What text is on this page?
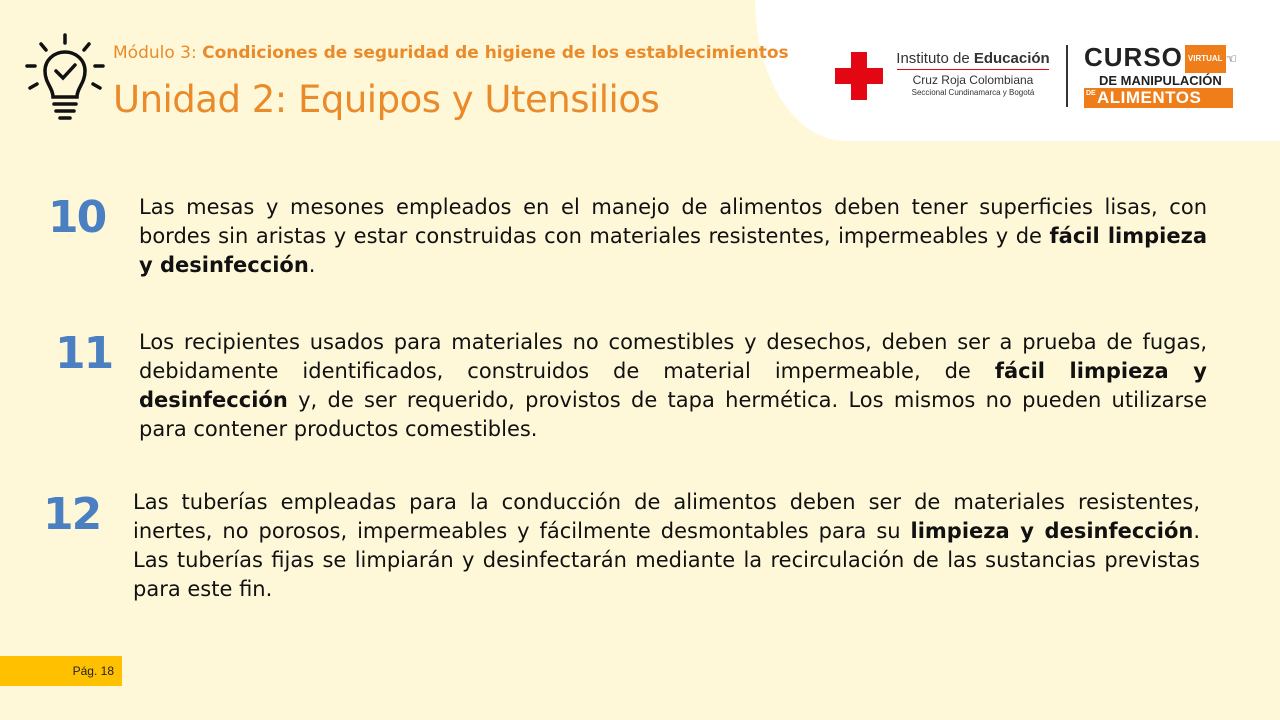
Módulo 3: Condiciones de seguridad de higiene de los establecimientos
Unidad 2: Equipos y Utensilios
Instituto de Educación
Cruz Roja Colombiana
Seccional Cundinamarca y Bogotá
CURSO VIRTUAL ☜
DE MANIPULACIÓN
DE ALIMENTOS
10 Las mesas y mesones empleados en el manejo de alimentos deben tener superficies lisas, con bordes sin aristas y estar construidas con materiales resistentes, impermeables y de fácil limpieza y desinfección.
11 Los recipientes usados para materiales no comestibles y desechos, deben ser a prueba de fugas, debidamente identificados, construidos de material impermeable, de fácil limpieza y desinfección y, de ser requerido, provistos de tapa hermética. Los mismos no pueden utilizarse para contener productos comestibles.
12 Las tuberías empleadas para la conducción de alimentos deben ser de materiales resistentes, inertes, no porosos, impermeables y fácilmente desmontables para su limpieza y desinfección. Las tuberías fijas se limpiarán y desinfectarán mediante la recirculación de las sustancias previstas para este fin.
Pág. 18
